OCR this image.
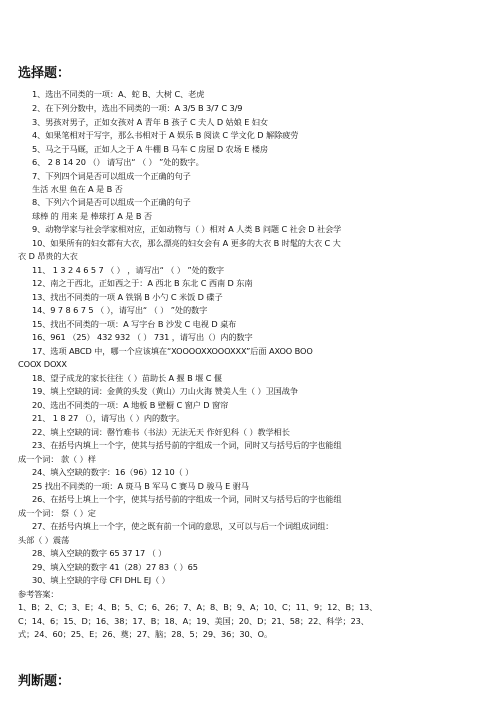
选择题：
1、选出不同类的一项：A、蛇 B、大树 C、老虎
2、在下列分数中，选出不同类的一项：A 3/5 B 3/7 C 3/9
3、男孩对男子，正如女孩对 A 青年 B 孩子 C 夫人 D 姑娘 E 妇女
4、如果笔相对于写字，那么书相对于 A 娱乐 B 阅读 C 学文化 D 解除疲劳
5、马之于马厩，正如人之于 A 牛棚 B 马车 C 房屋 D 农场 E 楼房
6、 2 8 14 20 （） 请写出“ （ ） ”处的数字。
7、下列四个词是否可以组成一个正确的句子
生活 水里 鱼在 A 是 B 否
8、下列六个词是否可以组成一个正确的句子
球棒 的 用来 是 棒球打 A 是 B 否
9、动物学家与社会学家相对应，正如动物与（ ）相对 A 人类 B 问题 C 社会 D 社会学
10、如果所有的妇女都有大衣，那么漂亮的妇女会有 A 更多的大衣 B 时髦的大衣 C 大
衣 D 昂贵的大衣
11、 1 3 2 4 6 5 7 （ ） ，请写出“ （ ） ”处的数字
12、南之于西北，正如西之于：A 西北 B 东北 C 西南 D 东南
13、找出不同类的一项 A 铁锅 B 小勺 C 米饭 D 碟子
14、9 7 8 6 7 5 （ ），请写出“ （ ） ”处的数字
15、找出不同类的一项：A 写字台 B 沙发 C 电视 D 桌布
16、961 （25） 432 932 （ ） 731 ，请写出（）内的数字
17、选项 ABCD 中，哪一个应该填在“XOOOOXXOOOXXX”后面 AXOO BOO
COOX DOXX
18、望子成龙的家长往往（ ）苗助长 A 揠 B 堰 C 偃
19、填上空缺的词：金黄的头发（黄山）刀山火海 赞美人生（ ）卫国战争
20、选出不同类的一项：A 地板 B 壁橱 C 窗户 D 窗帘
21、 1 8 27 （），请写出（ ）内的数字。
22、填上空缺的词：罄竹难书（书法）无法无天 作奸犯科（ ）教学相长
23、在括号内填上一个字，使其与括号前的字组成一个词，同时又与括号后的字也能组
成一个词： 款（ ）样
24、填入空缺的数字：16（96）12 10（ ）
25 找出不同类的一项：A 斑马 B 军马 C 赛马 D 骏马 E 驸马
26、在括号上填上一个字，使其与括号前的字组成一个词，同时又与括号后的字也能组
成一个词： 祭（ ）定
27、在括号内填上一个字，使之既有前一个词的意思，又可以与后一个词组成词组：
头部（ ）震荡
28、填入空缺的数字 65 37 17 （ ）
29、填入空缺的数字 41（28）27 83（ ）65
30、填上空缺的字母 CFI DHL EJ（ ）
参考答案：
1、B；2、C；3、E；4、B；5、C；6、26；7、A；8、B；9、A；10、C；11、9；12、B；13、
C；14、6；15、D；16、38；17、B；18、A；19、美国；20、D；21、58；22、科学；23、
式；24、60；25、E；26、奠；27、脑；28、5；29、36；30、O。
判断题：
